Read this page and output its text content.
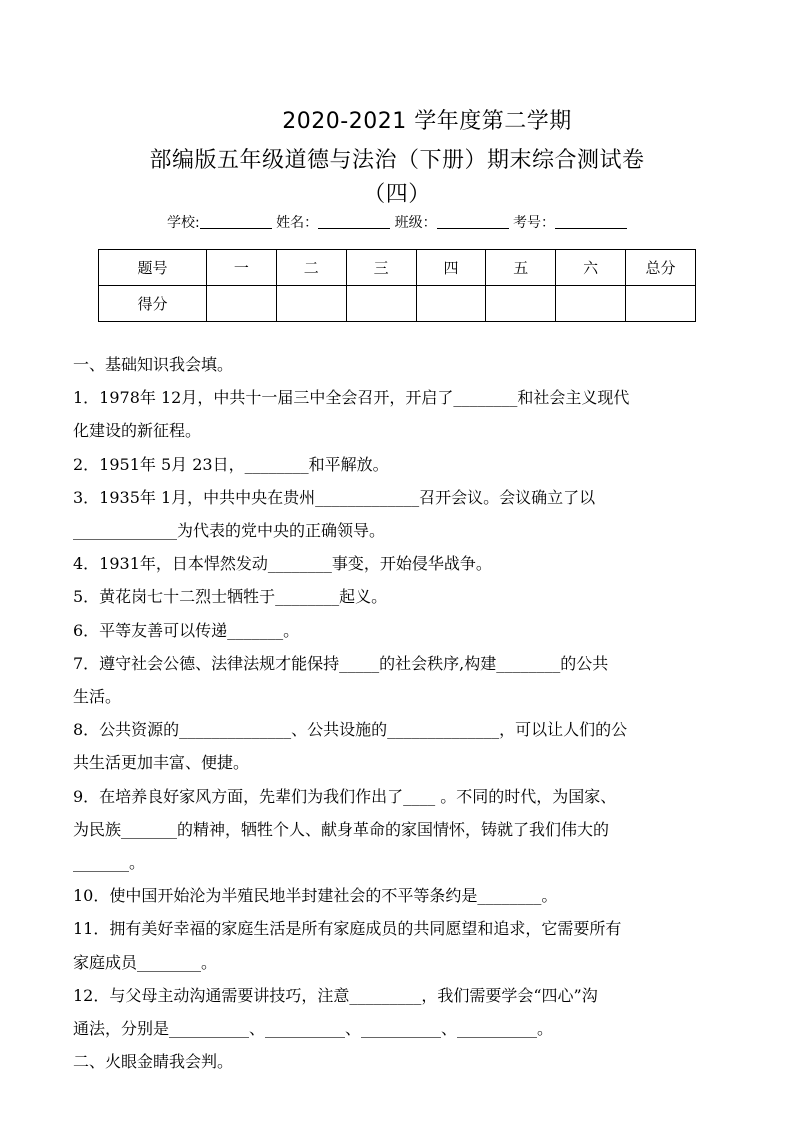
2020-2021 学年度第二学期
部编版五年级道德与法治（下册）期末综合测试卷
（四）
学校:	姓名：	班级：	考号：
题号	一	二	三	四	五	六	总分
得分							

一、基础知识我会填。

1．1978年 12月，中共十一届三中全会召开，开启了________和社会主义现代

化建设的新征程。

2．1951年 5月 23日，________和平解放。

3．1935年 1月，中共中央在贵州_____________召开会议。会议确立了以

_____________为代表的党中央的正确领导。

4．1931年，日本悍然发动________事变，开始侵华战争。

5．黄花岗七十二烈士牺牲于________起义。

6．平等友善可以传递_______。

7．遵守社会公德、法律法规才能保持_____的社会秩序,构建________的公共

生活。

8．公共资源的______________、公共设施的______________，可以让人们的公

共生活更加丰富、便捷。

9．在培养良好家风方面，先辈们为我们作出了____ 。不同的时代，为国家、

为民族_______的精神，牺牲个人、献身革命的家国情怀，铸就了我们伟大的

_______。

10．使中国开始沦为半殖民地半封建社会的不平等条约是________。

11．拥有美好幸福的家庭生活是所有家庭成员的共同愿望和追求，它需要所有

家庭成员________。

12．与父母主动沟通需要讲技巧，注意_________，我们需要学会“四心”沟

通法，分别是__________、__________、__________、__________。

二、火眼金睛我会判。
